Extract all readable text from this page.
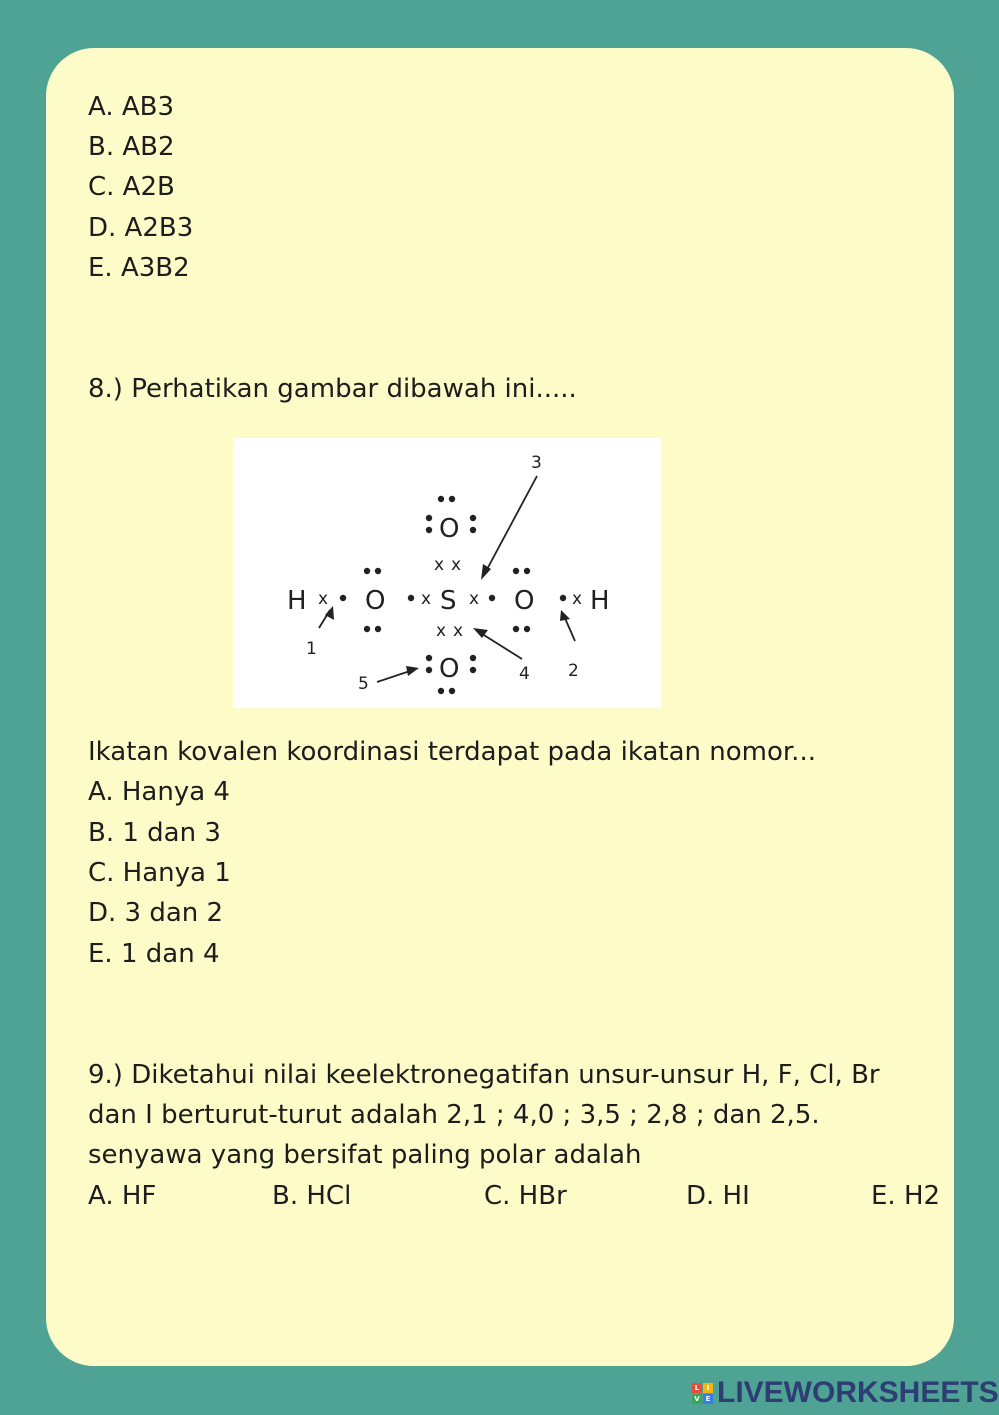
A. AB3
B. AB2
C. A2B
D. A2B3
E. A3B2
8.) Perhatikan gambar dibawah ini.....
H O S O H
O
O
x	x x	x
x x
x x
1
2
3
4
5
Ikatan kovalen koordinasi terdapat pada ikatan nomor...
A. Hanya 4
B. 1 dan 3
C. Hanya 1
D. 3 dan 2
E. 1 dan 4
9.) Diketahui nilai keelektronegatifan unsur-unsur H, F, Cl, Br
dan I berturut-turut adalah 2,1 ; 4,0 ; 3,5 ; 2,8 ; dan 2,5.
senyawa yang bersifat paling polar adalah
A. HF	B. HCl	C. HBr	D. HI	E. H2
L	I
V E LIVEWORKSHEETS
